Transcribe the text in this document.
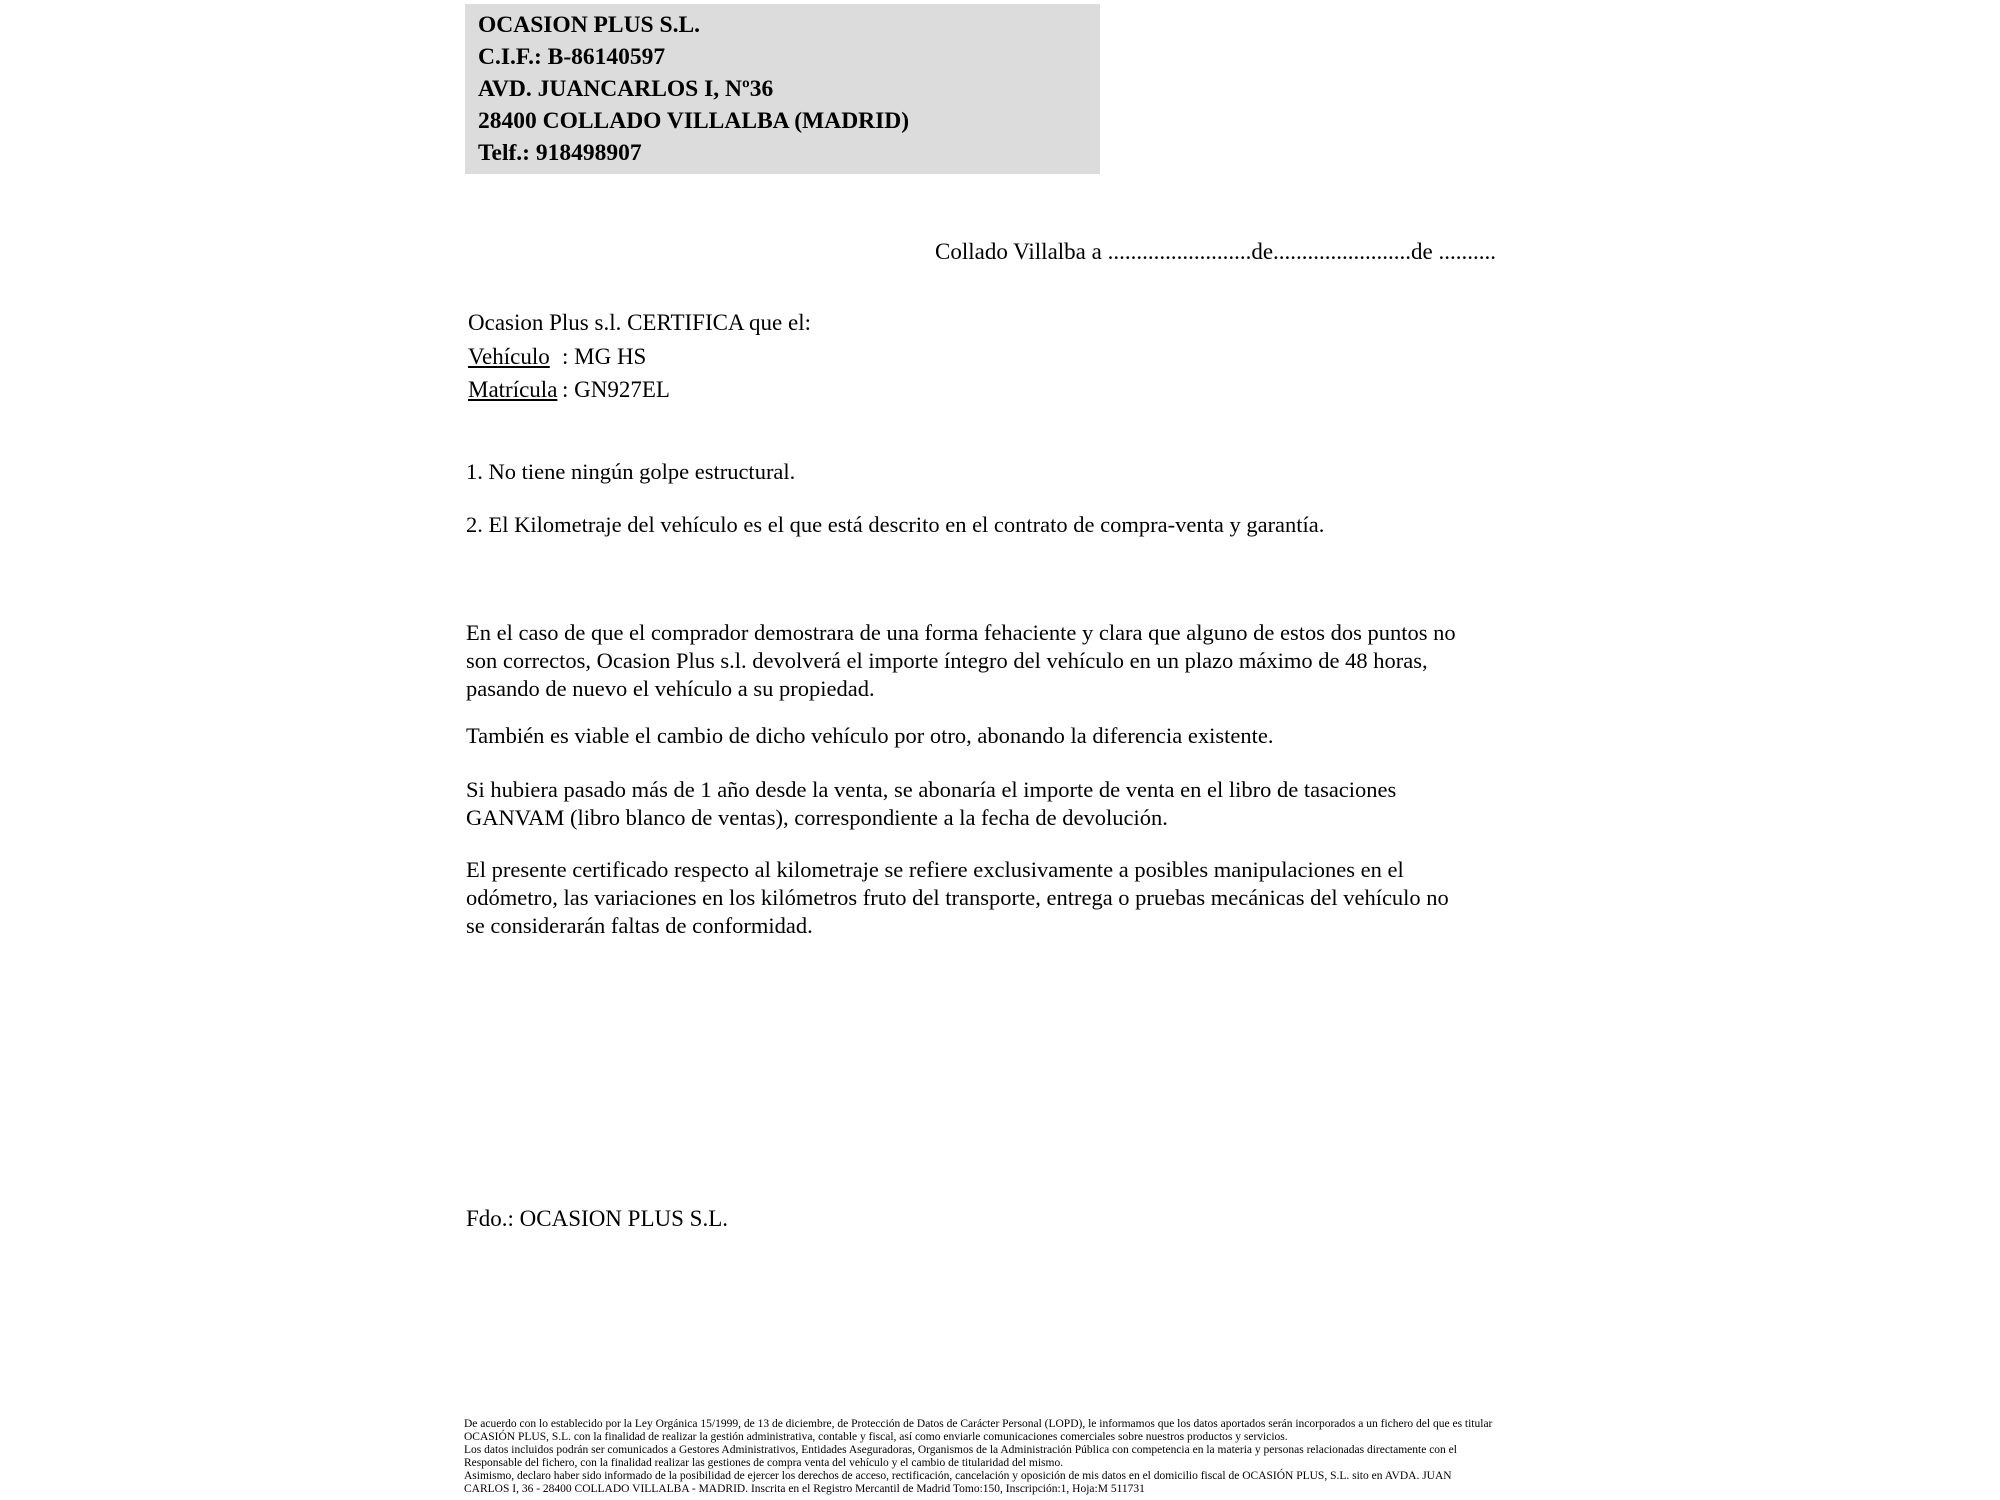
OCASION PLUS S.L.
C.I.F.: B-86140597
AVD. JUANCARLOS I, Nº36
28400 COLLADO VILLALBA (MADRID)
Telf.: 918498907
Collado Villalba a .........................de........................de ..........
Ocasion Plus s.l. CERTIFICA que el:
Vehículo : MG HS
Matrícula : GN927EL
1. No tiene ningún golpe estructural.
2. El Kilometraje del vehículo es el que está descrito en el contrato de compra-venta y garantía.
En el caso de que el comprador demostrara de una forma fehaciente y clara que alguno de estos dos puntos no
son correctos, Ocasion Plus s.l. devolverá el importe íntegro del vehículo en un plazo máximo de 48 horas,
pasando de nuevo el vehículo a su propiedad.
También es viable el cambio de dicho vehículo por otro, abonando la diferencia existente.
Si hubiera pasado más de 1 año desde la venta, se abonaría el importe de venta en el libro de tasaciones
GANVAM (libro blanco de ventas), correspondiente a la fecha de devolución.
El presente certificado respecto al kilometraje se refiere exclusivamente a posibles manipulaciones en el
odómetro, las variaciones en los kilómetros fruto del transporte, entrega o pruebas mecánicas del vehículo no
se considerarán faltas de conformidad.
Fdo.: OCASION PLUS S.L.
De acuerdo con lo establecido por la Ley Orgánica 15/1999, de 13 de diciembre, de Protección de Datos de Carácter Personal (LOPD), le informamos que los datos aportados serán incorporados a un fichero del que es titular
OCASIÓN PLUS, S.L. con la finalidad de realizar la gestión administrativa, contable y fiscal, así como enviarle comunicaciones comerciales sobre nuestros productos y servicios.
Los datos incluidos podrán ser comunicados a Gestores Administrativos, Entidades Aseguradoras, Organismos de la Administración Pública con competencia en la materia y personas relacionadas directamente con el
Responsable del fichero, con la finalidad realizar las gestiones de compra venta del vehículo y el cambio de titularidad del mismo.
Asimismo, declaro haber sido informado de la posibilidad de ejercer los derechos de acceso, rectificación, cancelación y oposición de mis datos en el domicilio fiscal de OCASIÓN PLUS, S.L. sito en AVDA. JUAN
CARLOS I, 36 - 28400 COLLADO VILLALBA - MADRID. Inscrita en el Registro Mercantil de Madrid Tomo:150, Inscripción:1, Hoja:M 511731
